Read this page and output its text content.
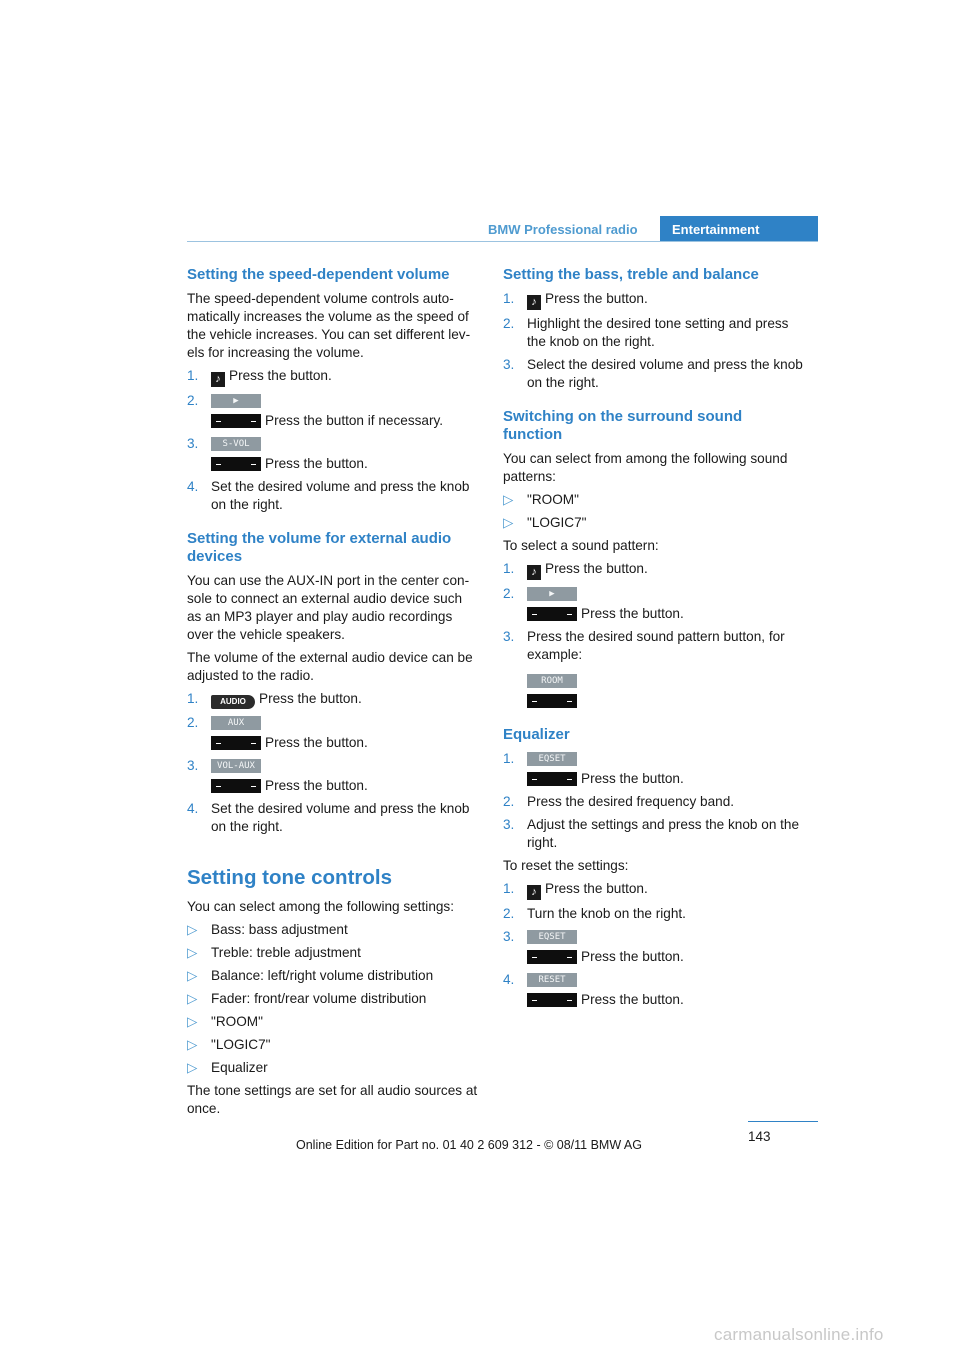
BMW Professional radio	Entertainment
Setting the speed-dependent volume

The speed-dependent volume controls auto-matically increases the volume as the speed of the vehicle increases. You can set different lev-els for increasing the volume.

1. ♪ Press the button.
2.	▶
Press the button if necessary.
3.	S-VOL
Press the button.
4. Set the desired volume and press the knob on the right.
Setting the volume for external audio devices

You can use the AUX-IN port in the center con-sole to connect an external audio device such as an MP3 player and play audio recordings over the vehicle speakers.

The volume of the external audio device can be adjusted to the radio.

1.	AUDIO Press the button.
2.	AUX
Press the button.
3.	VOL-AUX
Press the button.
4. Set the desired volume and press the knob on the right.
Setting tone controls

You can select among the following settings:

▷ Bass: bass adjustment
▷ Treble: treble adjustment
▷ Balance: left/right volume distribution
▷ Fader: front/rear volume distribution
▷ "ROOM"
▷ "LOGIC7"
▷ Equalizer

The tone settings are set for all audio sources at once.

Setting the bass, treble and balance
1. ♪ Press the button.
2. Highlight the desired tone setting and press the knob on the right.
3. Select the desired volume and press the knob on the right.
Switching on the surround sound function

You can select from among the following sound patterns:

▷ "ROOM"
▷ "LOGIC7"

To select a sound pattern:

1. ♪ Press the button.
2.	▶
Press the button.
3. Press the desired sound pattern button, for example:
ROOM
Equalizer
1.	EQSET
Press the button.
2. Press the desired frequency band.
3. Adjust the settings and press the knob on the right.

To reset the settings:

1. ♪ Press the button.
2. Turn the knob on the right.
3.	EQSET
Press the button.
4.	RESET
Press the button.
143
Online Edition for Part no. 01 40 2 609 312 - © 08/11 BMW AG
carmanualsonline.info
